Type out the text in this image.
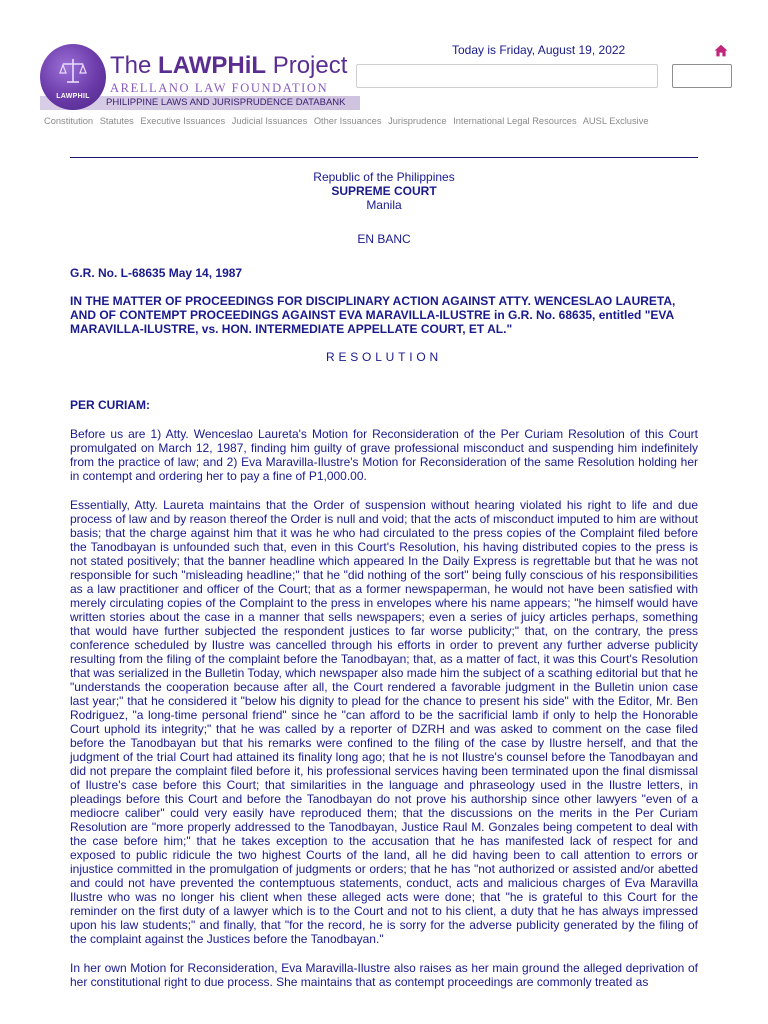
PHILIPPINE LAWS AND JURISPRUDENCE DATABANK
LAWPHIL
The LAWPHiL Project
ARELLANO LAW FOUNDATION
Today is Friday, August 19, 2022
Constitution Statutes Executive Issuances Judicial Issuances Other Issuances Jurisprudence International Legal Resources AUSL Exclusive

Republic of the Philippines

SUPREME COURT

Manila

EN BANC

G.R. No. L-68635 May 14, 1987

IN THE MATTER OF PROCEEDINGS FOR DISCIPLINARY ACTION AGAINST ATTY. WENCESLAO LAURETA, AND OF CONTEMPT PROCEEDINGS AGAINST EVA MARAVILLA-ILUSTRE in G.R. No. 68635, entitled "EVA MARAVILLA-ILUSTRE, vs. HON. INTERMEDIATE APPELLATE COURT, ET AL."

RESOLUTION

PER CURIAM:

Before us are 1) Atty. Wenceslao Laureta's Motion for Reconsideration of the Per Curiam Resolution of this Court promulgated on March 12, 1987, finding him guilty of grave professional misconduct and suspending him indefinitely from the practice of law; and 2) Eva Maravilla-Ilustre's Motion for Reconsideration of the same Resolution holding her in contempt and ordering her to pay a fine of P1,000.00.

Essentially, Atty. Laureta maintains that the Order of suspension without hearing violated his right to life and due process of law and by reason thereof the Order is null and void; that the acts of misconduct imputed to him are without basis; that the charge against him that it was he who had circulated to the press copies of the Complaint filed before the Tanodbayan is unfounded such that, even in this Court's Resolution, his having distributed copies to the press is not stated positively; that the banner headline which appeared In the Daily Express is regrettable but that he was not responsible for such "misleading headline;" that he "did nothing of the sort" being fully conscious of his responsibilities as a law practitioner and officer of the Court; that as a former newspaperman, he would not have been satisfied with merely circulating copies of the Complaint to the press in envelopes where his name appears; "he himself would have written stories about the case in a manner that sells newspapers; even a series of juicy articles perhaps, something that would have further subjected the respondent justices to far worse publicity;" that, on the contrary, the press conference scheduled by Ilustre was cancelled through his efforts in order to prevent any further adverse publicity resulting from the filing of the complaint before the Tanodbayan; that, as a matter of fact, it was this Court's Resolution that was serialized in the Bulletin Today, which newspaper also made him the subject of a scathing editorial but that he "understands the cooperation because after all, the Court rendered a favorable judgment in the Bulletin union case last year;" that he considered it "below his dignity to plead for the chance to present his side" with the Editor, Mr. Ben Rodriguez, "a long-time personal friend" since he "can afford to be the sacrificial lamb if only to help the Honorable Court uphold its integrity;" that he was called by a reporter of DZRH and was asked to comment on the case filed before the Tanodbayan but that his remarks were confined to the filing of the case by Ilustre herself, and that the judgment of the trial Court had attained its finality long ago; that he is not Ilustre's counsel before the Tanodbayan and did not prepare the complaint filed before it, his professional services having been terminated upon the final dismissal of Ilustre's case before this Court; that similarities in the language and phraseology used in the Ilustre letters, in pleadings before this Court and before the Tanodbayan do not prove his authorship since other lawyers "even of a mediocre caliber" could very easily have reproduced them; that the discussions on the merits in the Per Curiam Resolution are "more properly addressed to the Tanodbayan, Justice Raul M. Gonzales being competent to deal with the case before him;" that he takes exception to the accusation that he has manifested lack of respect for and exposed to public ridicule the two highest Courts of the land, all he did having been to call attention to errors or injustice committed in the promulgation of judgments or orders; that he has "not authorized or assisted and/or abetted and could not have prevented the contemptuous statements, conduct, acts and malicious charges of Eva Maravilla Ilustre who was no longer his client when these alleged acts were done; that "he is grateful to this Court for the reminder on the first duty of a lawyer which is to the Court and not to his client, a duty that he has always impressed upon his law students;" and finally, that "for the record, he is sorry for the adverse publicity generated by the filing of the complaint against the Justices before the Tanodbayan."

In her own Motion for Reconsideration, Eva Maravilla-Ilustre also raises as her main ground the alleged deprivation of her constitutional right to due process. She maintains that as contempt proceedings are commonly treated as
